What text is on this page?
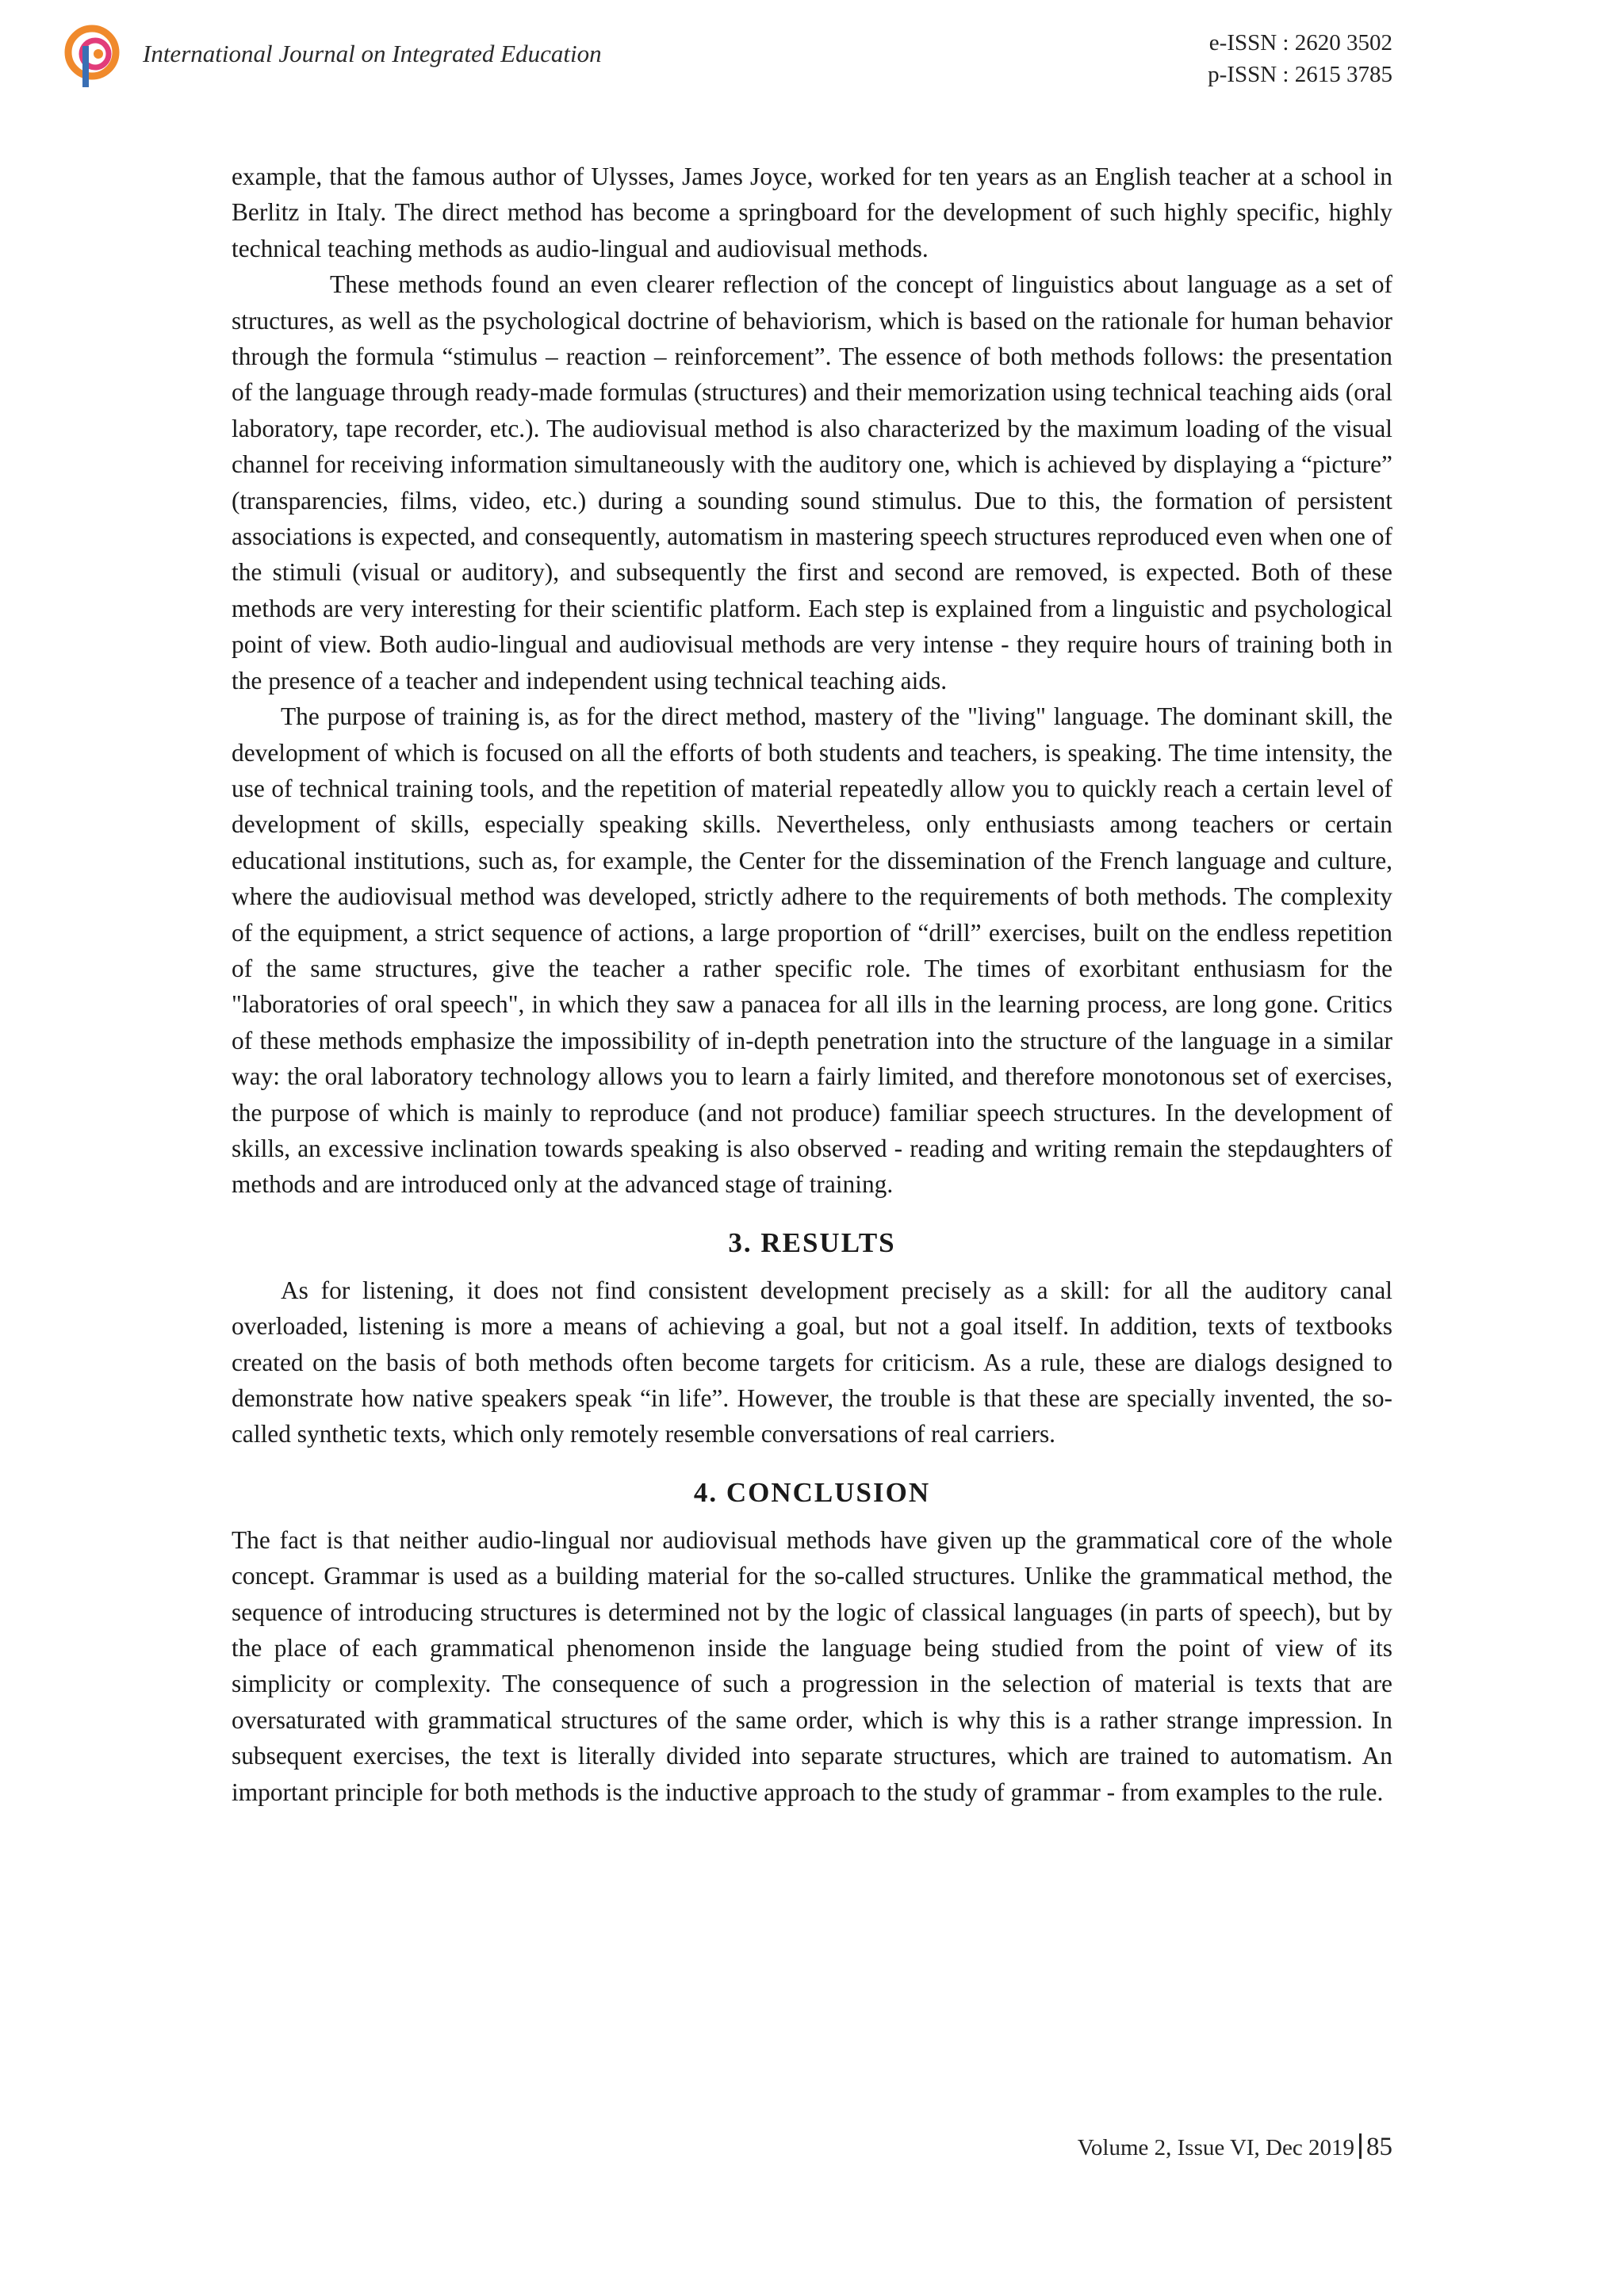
International Journal on Integrated Education	e-ISSN : 2620 3502
p-ISSN : 2615 3785

example, that the famous author of Ulysses, James Joyce, worked for ten years as an English teacher at a school in Berlitz in Italy. The direct method has become a springboard for the development of such highly specific, highly technical teaching methods as audio-lingual and audiovisual methods.

These methods found an even clearer reflection of the concept of linguistics about language as a set of structures, as well as the psychological doctrine of behaviorism, which is based on the rationale for human behavior through the formula “stimulus – reaction – reinforcement”. The essence of both methods follows: the presentation of the language through ready-made formulas (structures) and their memorization using technical teaching aids (oral laboratory, tape recorder, etc.). The audiovisual method is also characterized by the maximum loading of the visual channel for receiving information simultaneously with the auditory one, which is achieved by displaying a “picture” (transparencies, films, video, etc.) during a sounding sound stimulus. Due to this, the formation of persistent associations is expected, and consequently, automatism in mastering speech structures reproduced even when one of the stimuli (visual or auditory), and subsequently the first and second are removed, is expected. Both of these methods are very interesting for their scientific platform. Each step is explained from a linguistic and psychological point of view. Both audio-lingual and audiovisual methods are very intense - they require hours of training both in the presence of a teacher and independent using technical teaching aids.

The purpose of training is, as for the direct method, mastery of the "living" language. The dominant skill, the development of which is focused on all the efforts of both students and teachers, is speaking. The time intensity, the use of technical training tools, and the repetition of material repeatedly allow you to quickly reach a certain level of development of skills, especially speaking skills. Nevertheless, only enthusiasts among teachers or certain educational institutions, such as, for example, the Center for the dissemination of the French language and culture, where the audiovisual method was developed, strictly adhere to the requirements of both methods. The complexity of the equipment, a strict sequence of actions, a large proportion of “drill” exercises, built on the endless repetition of the same structures, give the teacher a rather specific role. The times of exorbitant enthusiasm for the "laboratories of oral speech", in which they saw a panacea for all ills in the learning process, are long gone. Critics of these methods emphasize the impossibility of in-depth penetration into the structure of the language in a similar way: the oral laboratory technology allows you to learn a fairly limited, and therefore monotonous set of exercises, the purpose of which is mainly to reproduce (and not produce) familiar speech structures. In the development of skills, an excessive inclination towards speaking is also observed - reading and writing remain the stepdaughters of methods and are introduced only at the advanced stage of training.

3. RESULTS

As for listening, it does not find consistent development precisely as a skill: for all the auditory canal overloaded, listening is more a means of achieving a goal, but not a goal itself. In addition, texts of textbooks created on the basis of both methods often become targets for criticism. As a rule, these are dialogs designed to demonstrate how native speakers speak “in life”. However, the trouble is that these are specially invented, the so-called synthetic texts, which only remotely resemble conversations of real carriers.

4. CONCLUSION

The fact is that neither audio-lingual nor audiovisual methods have given up the grammatical core of the whole concept. Grammar is used as a building material for the so-called structures. Unlike the grammatical method, the sequence of introducing structures is determined not by the logic of classical languages (in parts of speech), but by the place of each grammatical phenomenon inside the language being studied from the point of view of its simplicity or complexity. The consequence of such a progression in the selection of material is texts that are oversaturated with grammatical structures of the same order, which is why this is a rather strange impression. In subsequent exercises, the text is literally divided into separate structures, which are trained to automatism. An important principle for both methods is the inductive approach to the study of grammar - from examples to the rule.

Volume 2, Issue VI, Dec 2019 85
